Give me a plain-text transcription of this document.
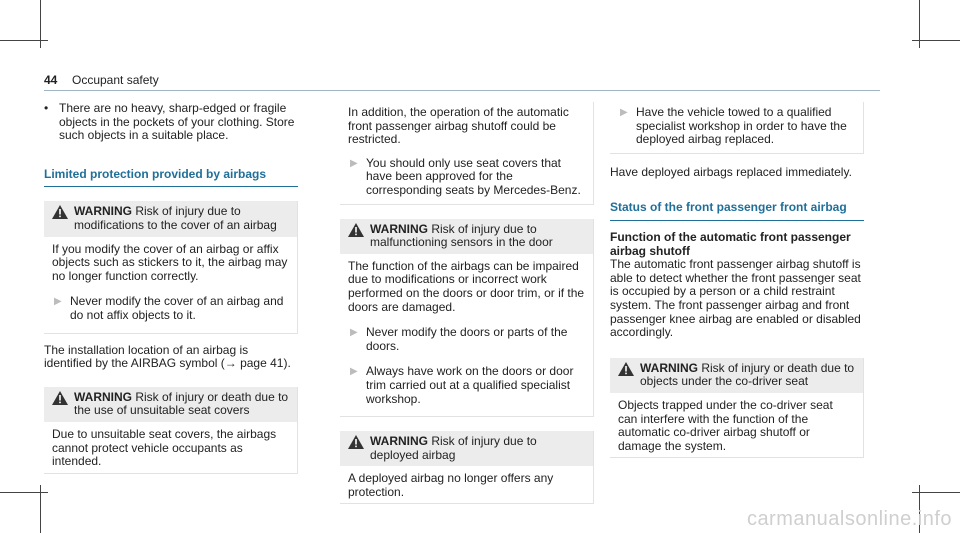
44 Occupant safety

• There are no heavy, sharp-edged or fragile objects in the pockets of your clothing. Store such objects in a suitable place.

Limited protection provided by airbags
WARNING Risk of injury due to modifications to the cover of an airbag

If you modify the cover of an airbag or affix objects such as stickers to it, the airbag may no longer function correctly.

▶ Never modify the cover of an airbag and do not affix objects to it.

The installation location of an airbag is identified by the AIRBAG symbol (→ page 41).

WARNING Risk of injury or death due to the use of unsuitable seat covers

Due to unsuitable seat covers, the airbags cannot protect vehicle occupants as intended.

In addition, the operation of the automatic front passenger airbag shutoff could be restricted.

▶ You should only use seat covers that have been approved for the corresponding seats by Mercedes-Benz.
WARNING Risk of injury due to malfunctioning sensors in the door

The function of the airbags can be impaired due to modifications or incorrect work performed on the doors or door trim, or if the doors are damaged.

▶ Never modify the doors or parts of the doors.
▶ Always have work on the doors or door trim carried out at a qualified specialist workshop.
WARNING Risk of injury due to deployed airbag

A deployed airbag no longer offers any protection.

▶ Have the vehicle towed to a qualified specialist workshop in order to have the deployed airbag replaced.

Have deployed airbags replaced immediately.

Status of the front passenger front airbag

Function of the automatic front passenger airbag shutoff

The automatic front passenger airbag shutoff is able to detect whether the front passenger seat is occupied by a person or a child restraint system. The front passenger airbag and front passenger knee airbag are enabled or disabled accordingly.

WARNING Risk of injury or death due to objects under the co-driver seat

Objects trapped under the co-driver seat can interfere with the function of the automatic co-driver airbag shutoff or damage the system.

carmanualsonline.info
